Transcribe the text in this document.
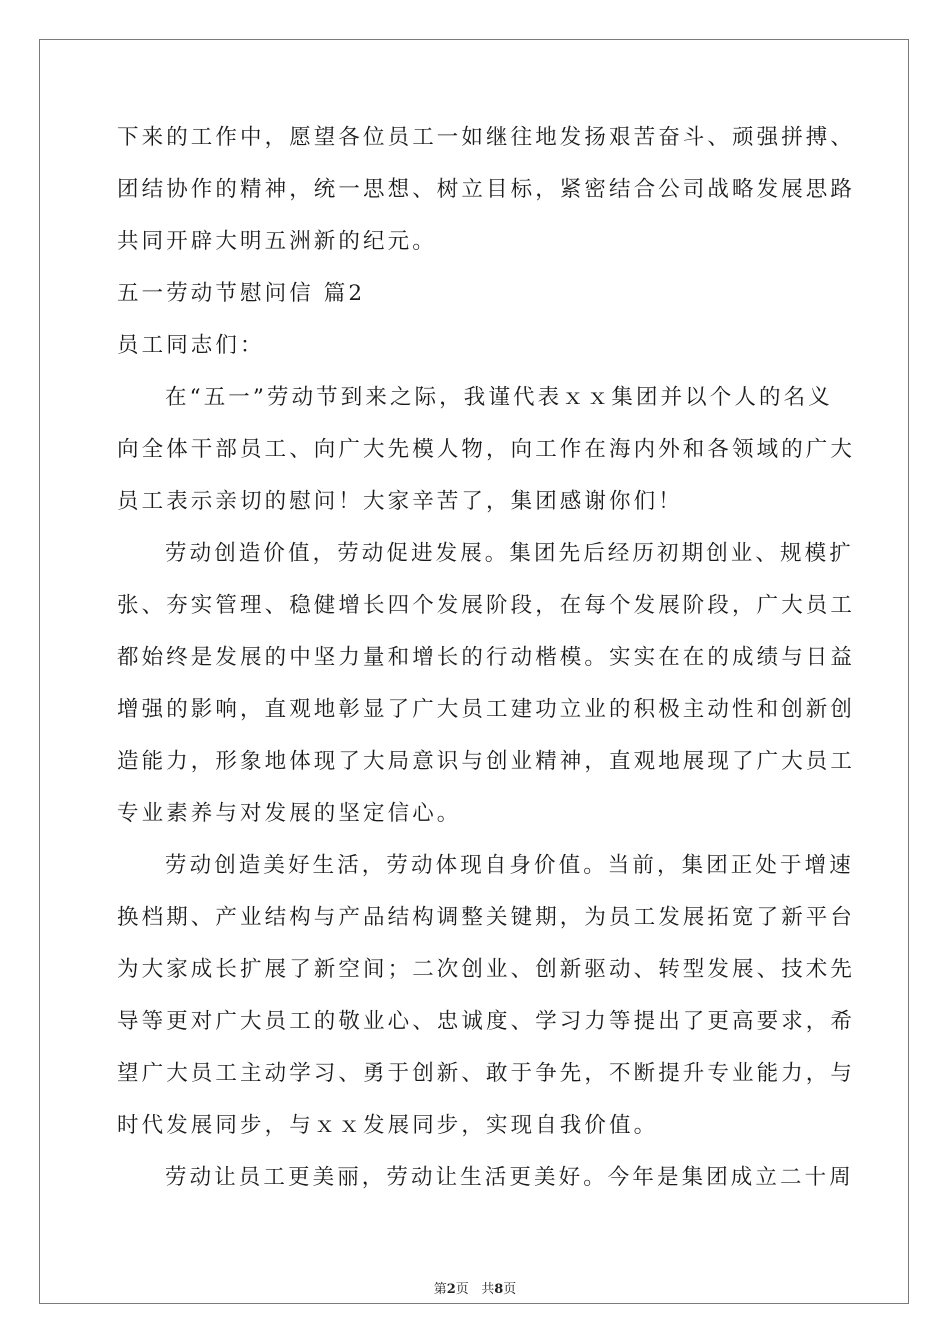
下来的工作中，愿望各位员工一如继往地发扬艰苦奋斗、顽强拼搏、
团结协作的精神，统一思想、树立目标，紧密结合公司战略发展思路
共同开辟大明五洲新的纪元。
五一劳动节慰问信 篇2
员工同志们：
在“五一”劳动节到来之际，我谨代表ｘｘ集团并以个人的名义
向全体干部员工、向广大先模人物，向工作在海内外和各领域的广大
员工表示亲切的慰问！大家辛苦了，集团感谢你们！
劳动创造价值，劳动促进发展。集团先后经历初期创业、规模扩
张、夯实管理、稳健增长四个发展阶段，在每个发展阶段，广大员工
都始终是发展的中坚力量和增长的行动楷模。实实在在的成绩与日益
增强的影响，直观地彰显了广大员工建功立业的积极主动性和创新创
造能力，形象地体现了大局意识与创业精神，直观地展现了广大员工
专业素养与对发展的坚定信心。
劳动创造美好生活，劳动体现自身价值。当前，集团正处于增速
换档期、产业结构与产品结构调整关键期，为员工发展拓宽了新平台
为大家成长扩展了新空间；二次创业、创新驱动、转型发展、技术先
导等更对广大员工的敬业心、忠诚度、学习力等提出了更高要求，希
望广大员工主动学习、勇于创新、敢于争先，不断提升专业能力，与
时代发展同步，与ｘｘ发展同步，实现自我价值。
劳动让员工更美丽，劳动让生活更美好。今年是集团成立二十周
第2页 共8页
